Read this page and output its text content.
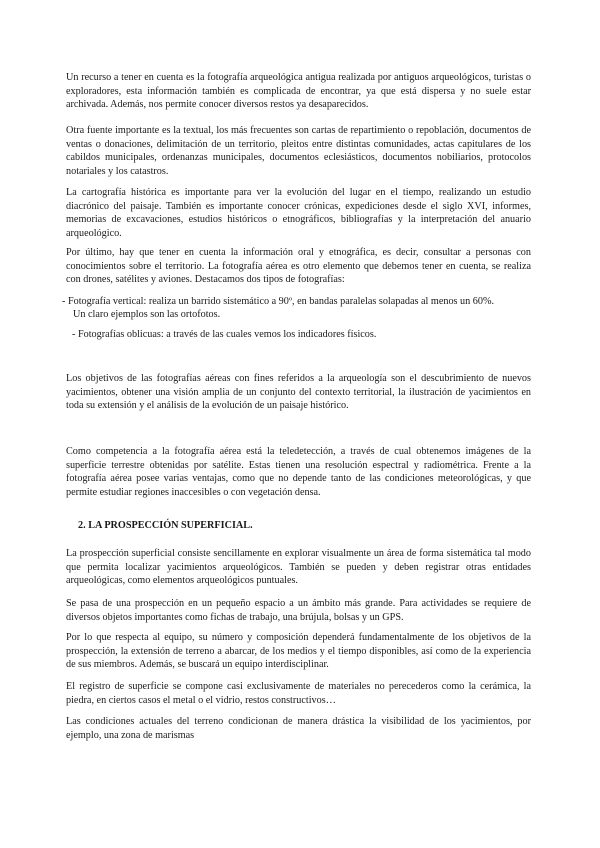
Un recurso a tener en cuenta es la fotografía arqueológica antigua realizada por antiguos arqueológicos, turistas o exploradores, esta información también es complicada de encontrar, ya que está dispersa y no suele estar archivada. Además, nos permite conocer diversos restos ya desaparecidos.

Otra fuente importante es la textual, los más frecuentes son cartas de repartimiento o repoblación, documentos de ventas o donaciones, delimitación de un territorio, pleitos entre distintas comunidades, actas capitulares de los cabildos municipales, ordenanzas municipales, documentos eclesiásticos, documentos nobiliarios, protocolos notariales y los catastros.

La cartografía histórica es importante para ver la evolución del lugar en el tiempo, realizando un estudio diacrónico del paisaje. También es importante conocer crónicas, expediciones desde el siglo XVI, informes, memorias de excavaciones, estudios históricos o etnográficos, bibliografías y la interpretación del anuario arqueológico.

Por último, hay que tener en cuenta la información oral y etnográfica, es decir, consultar a personas con conocimientos sobre el territorio. La fotografía aérea es otro elemento que debemos tener en cuenta, se realiza con drones, satélites y aviones. Destacamos dos tipos de fotografías:

- Fotografía vertical: realiza un barrido sistemático a 90º, en bandas paralelas solapadas al menos un 60%.

Un claro ejemplos son las ortofotos.

- Fotografías oblicuas: a través de las cuales vemos los indicadores físicos.

Los objetivos de las fotografías aéreas con fines referidos a la arqueología son el descubrimiento de nuevos yacimientos, obtener una visión amplia de un conjunto del contexto territorial, la ilustración de yacimientos en toda su extensión y el análisis de la evolución de un paisaje histórico.

Como competencia a la fotografía aérea está la teledetección, a través de cual obtenemos imágenes de la superficie terrestre obtenidas por satélite. Estas tienen una resolución espectral y radiométrica. Frente a la fotografía aérea posee varias ventajas, como que no depende tanto de las condiciones meteorológicas, y que permite estudiar regiones inaccesibles o con vegetación densa.

2. LA PROSPECCIÓN SUPERFICIAL.

La prospección superficial consiste sencillamente en explorar visualmente un área de forma sistemática tal modo que permita localizar yacimientos arqueológicos. También se pueden y deben registrar otras entidades arqueológicas, como elementos arqueológicos puntuales.

Se pasa de una prospección en un pequeño espacio a un ámbito más grande. Para actividades se requiere de diversos objetos importantes como fichas de trabajo, una brújula, bolsas y un GPS.

Por lo que respecta al equipo, su número y composición dependerá fundamentalmente de los objetivos de la prospección, la extensión de terreno a abarcar, de los medios y el tiempo disponibles, así como de la experiencia de sus miembros. Además, se buscará un equipo interdisciplinar.

El registro de superficie se compone casi exclusivamente de materiales no perecederos como la cerámica, la piedra, en ciertos casos el metal o el vidrio, restos constructivos…

Las condiciones actuales del terreno condicionan de manera drástica la visibilidad de los yacimientos, por ejemplo, una zona de marismas
